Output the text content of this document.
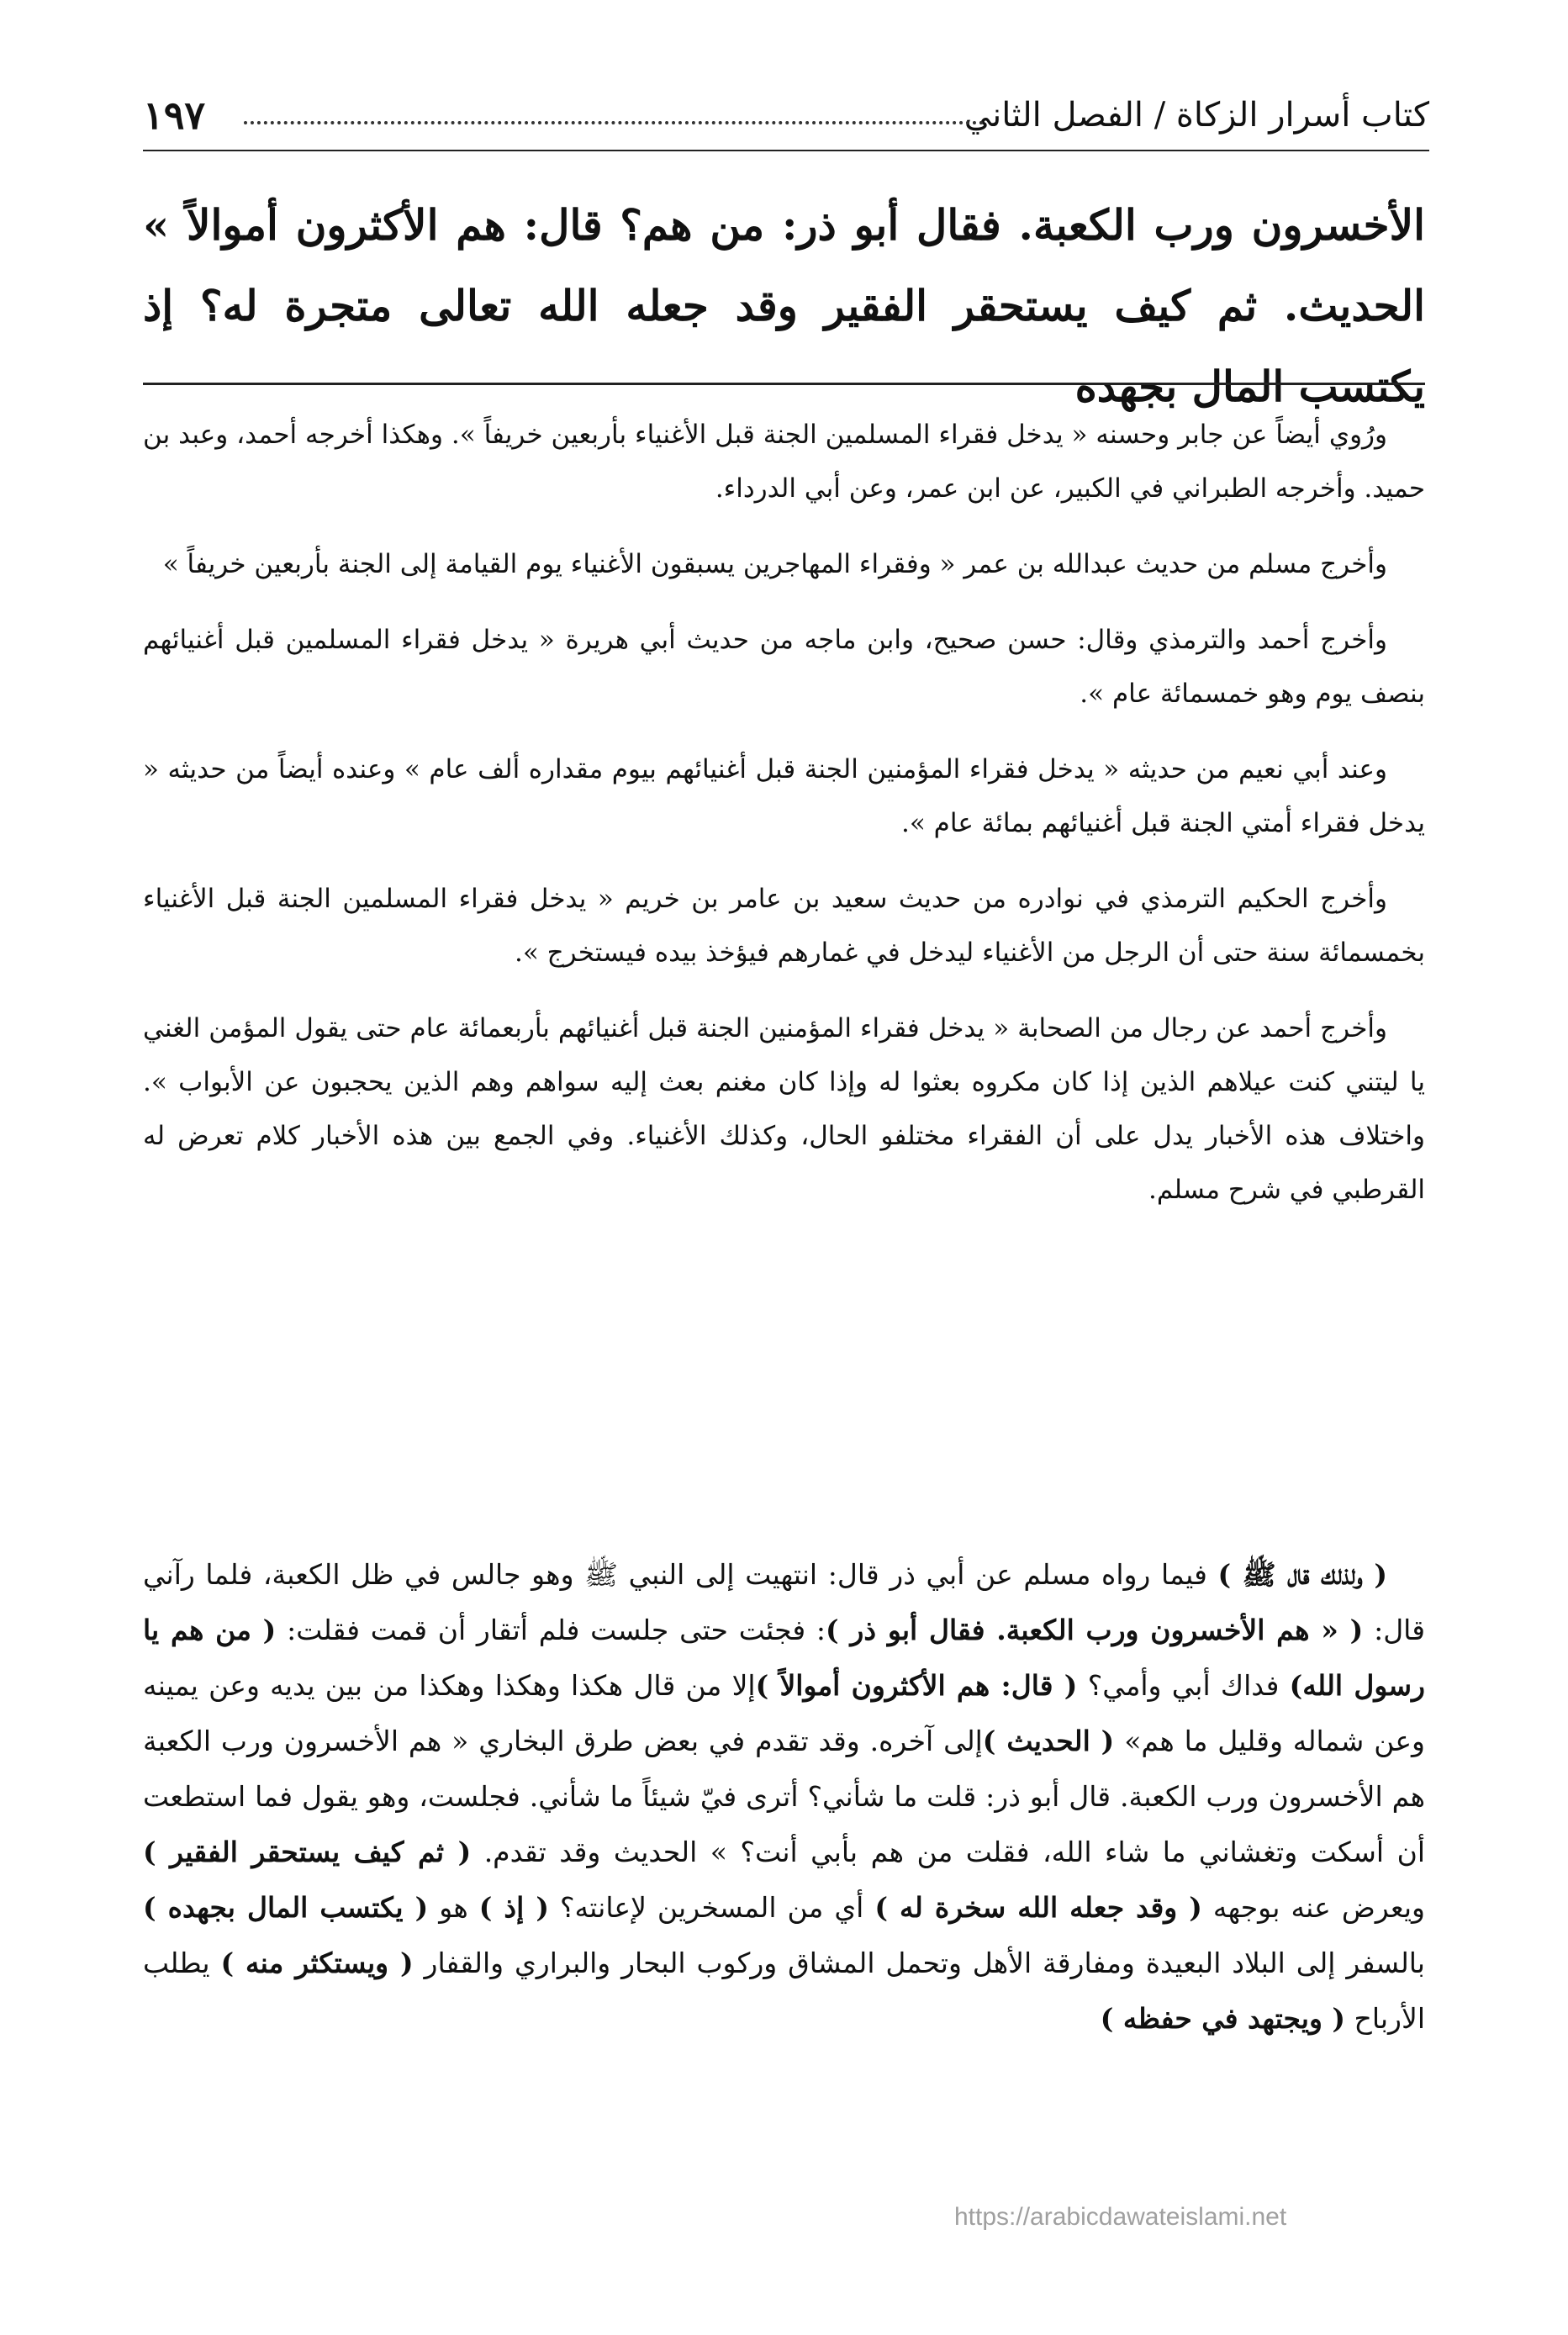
كتاب أسرار الزكاة / الفصل الثاني
١٩٧
الأخسرون ورب الكعبة. فقال أبو ذر: من هم؟ قال: هم الأكثرون أموالاً » الحديث. ثم كيف يستحقر الفقير وقد جعله الله تعالى متجرة له؟ إذ يكتسب المال بجهده

ورُوي أيضاً عن جابر وحسنه « يدخل فقراء المسلمين الجنة قبل الأغنياء بأربعين خريفاً ». وهكذا أخرجه أحمد، وعبد بن حميد. وأخرجه الطبراني في الكبير، عن ابن عمر، وعن أبي الدرداء.

وأخرج مسلم من حديث عبدالله بن عمر « وفقراء المهاجرين يسبقون الأغنياء يوم القيامة إلى الجنة بأربعين خريفاً »

وأخرج أحمد والترمذي وقال: حسن صحيح، وابن ماجه من حديث أبي هريرة « يدخل فقراء المسلمين قبل أغنيائهم بنصف يوم وهو خمسمائة عام ».

وعند أبي نعيم من حديثه « يدخل فقراء المؤمنين الجنة قبل أغنيائهم بيوم مقداره ألف عام » وعنده أيضاً من حديثه « يدخل فقراء أمتي الجنة قبل أغنيائهم بمائة عام ».

وأخرج الحكيم الترمذي في نوادره من حديث سعيد بن عامر بن خريم « يدخل فقراء المسلمين الجنة قبل الأغنياء بخمسمائة سنة حتى أن الرجل من الأغنياء ليدخل في غمارهم فيؤخذ بيده فيستخرج ».

وأخرج أحمد عن رجال من الصحابة « يدخل فقراء المؤمنين الجنة قبل أغنيائهم بأربعمائة عام حتى يقول المؤمن الغني يا ليتني كنت عيلاهم الذين إذا كان مكروه بعثوا له وإذا كان مغنم بعث إليه سواهم وهم الذين يحجبون عن الأبواب ». واختلاف هذه الأخبار يدل على أن الفقراء مختلفو الحال، وكذلك الأغنياء. وفي الجمع بين هذه الأخبار كلام تعرض له القرطبي في شرح مسلم.

( ولذلك قال ﷺ ) فيما رواه مسلم عن أبي ذر قال: انتهيت إلى النبي ﷺ وهو جالس في ظل الكعبة، فلما رآني قال: ( « هم الأخسرون ورب الكعبة. فقال أبو ذر ): فجئت حتى جلست فلم أتقار أن قمت فقلت: ( من هم يا رسول الله) فداك أبي وأمي؟ ( قال: هم الأكثرون أموالاً )إلا من قال هكذا وهكذا وهكذا من بين يديه وعن يمينه وعن شماله وقليل ما هم» ( الحديث )إلى آخره. وقد تقدم في بعض طرق البخاري « هم الأخسرون ورب الكعبة هم الأخسرون ورب الكعبة. قال أبو ذر: قلت ما شأني؟ أترى فيّ شيئاً ما شأني. فجلست، وهو يقول فما استطعت أن أسكت وتغشاني ما شاء الله، فقلت من هم بأبي أنت؟ » الحديث وقد تقدم. ( ثم كيف يستحقر الفقير ) ويعرض عنه بوجهه ( وقد جعله الله سخرة له ) أي من المسخرين لإعانته؟ ( إذ ) هو ( يكتسب المال بجهده ) بالسفر إلى البلاد البعيدة ومفارقة الأهل وتحمل المشاق وركوب البحار والبراري والقفار ( ويستكثر منه ) يطلب الأرباح ( ويجتهد في حفظه )

https://arabicdawateislami.net
